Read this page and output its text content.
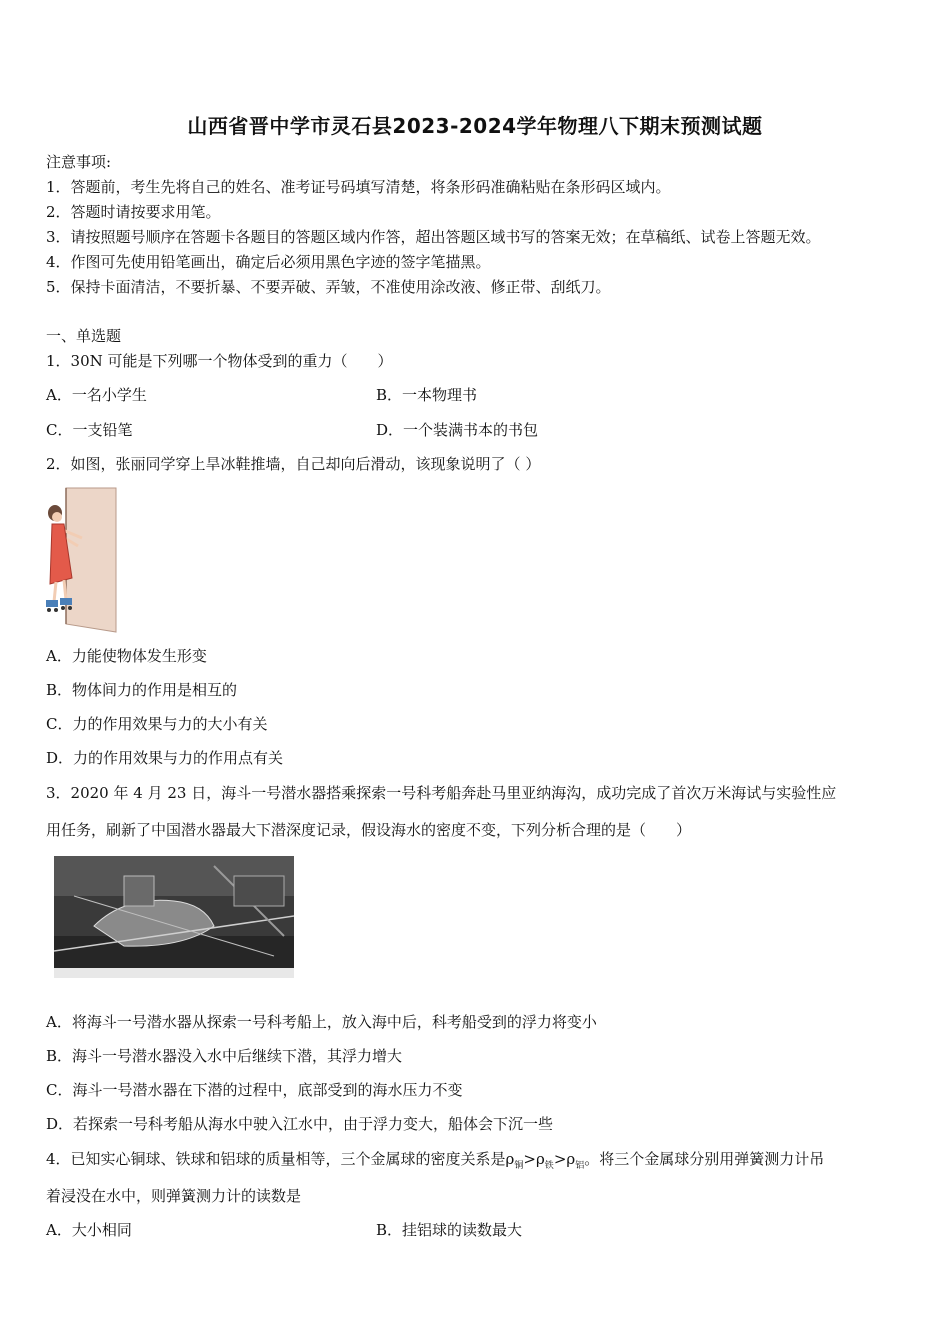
山西省晋中学市灵石县2023-2024学年物理八下期末预测试题
注意事项:
1．答题前，考生先将自己的姓名、准考证号码填写清楚，将条形码准确粘贴在条形码区域内。
2．答题时请按要求用笔。
3．请按照题号顺序在答题卡各题目的答题区域内作答，超出答题区域书写的答案无效；在草稿纸、试卷上答题无效。
4．作图可先使用铅笔画出，确定后必须用黑色字迹的签字笔描黑。
5．保持卡面清洁，不要折暴、不要弄破、弄皱，不准使用涂改液、修正带、刮纸刀。
一、单选题
1．30N 可能是下列哪一个物体受到的重力（　　）
A．一名小学生	B．一本物理书
C．一支铅笔	D．一个装满书本的书包
2．如图，张丽同学穿上旱冰鞋推墙，自己却向后滑动，该现象说明了（ ）
A．力能使物体发生形变
B．物体间力的作用是相互的
C．力的作用效果与力的大小有关
D．力的作用效果与力的作用点有关
3．2020 年 4 月 23 日，海斗一号潜水器搭乘探索一号科考船奔赴马里亚纳海沟，成功完成了首次万米海试与实验性应
用任务，刷新了中国潜水器最大下潜深度记录，假设海水的密度不变，下列分析合理的是（　　）
A．将海斗一号潜水器从探索一号科考船上，放入海中后，科考船受到的浮力将变小
B．海斗一号潜水器没入水中后继续下潜，其浮力增大
C．海斗一号潜水器在下潜的过程中，底部受到的海水压力不变
D．若探索一号科考船从海水中驶入江水中，由于浮力变大，船体会下沉一些
4．已知实心铜球、铁球和铝球的质量相等，三个金属球的密度关系是$\rho_铜>\rho_铁>\rho_铝$。将三个金属球分别用弹簧测力计吊
着浸没在水中，则弹簧测力计的读数是
A．大小相同	B．挂铝球的读数最大
